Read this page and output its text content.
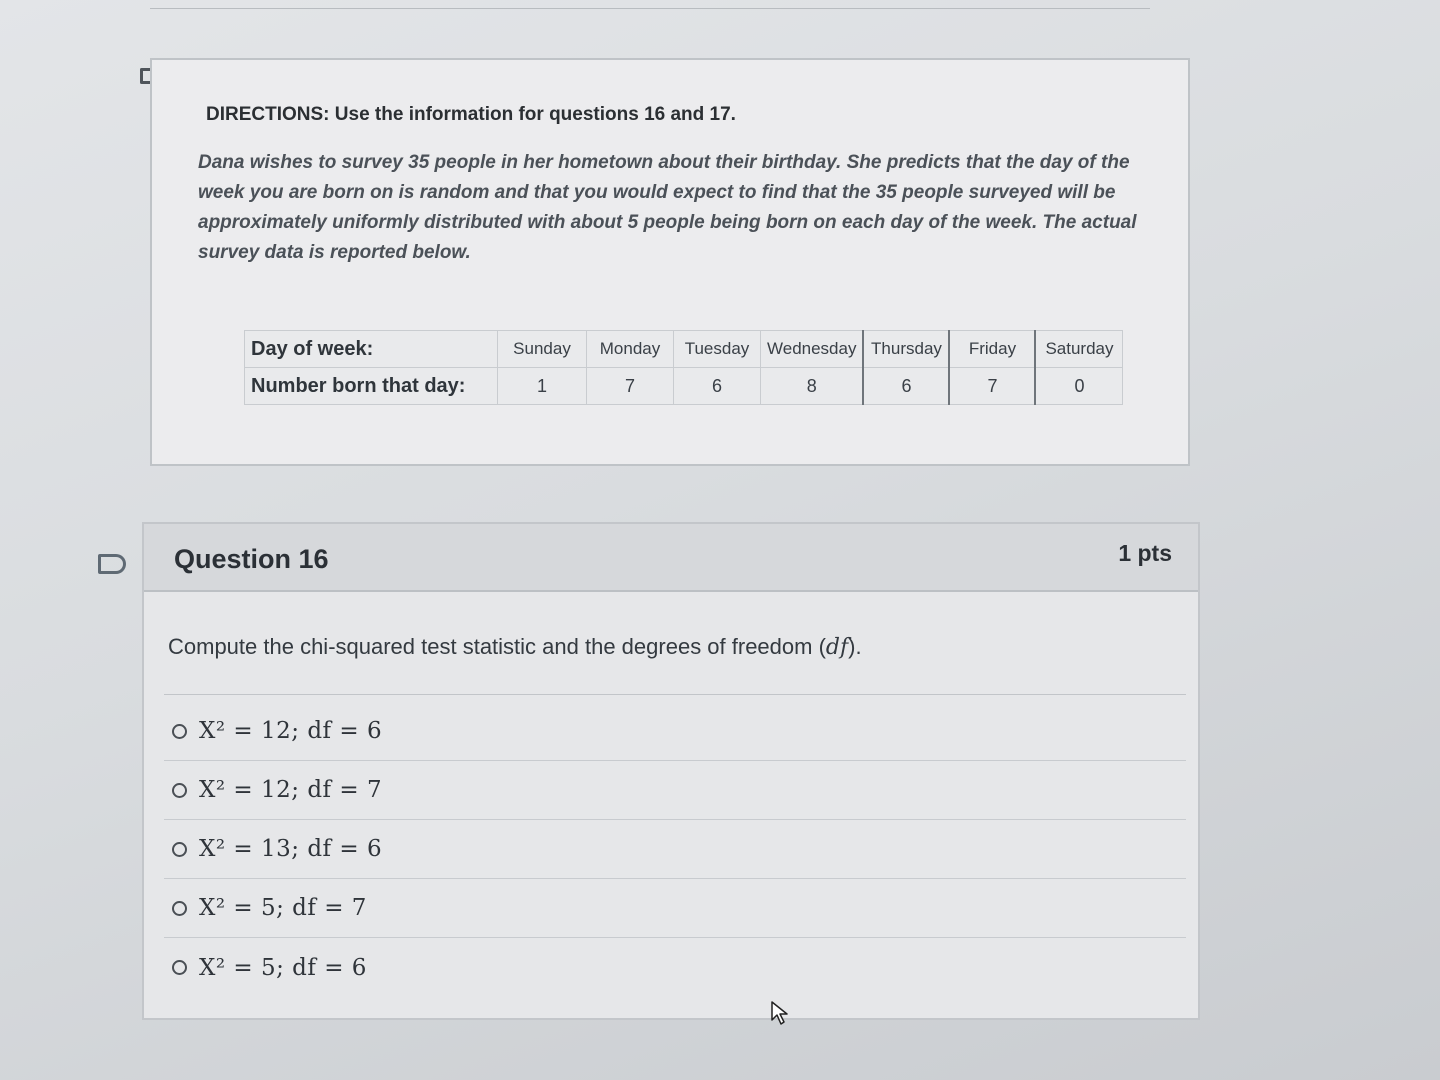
DIRECTIONS: Use the information for questions 16 and 17.
Dana wishes to survey 35 people in her hometown about their birthday. She predicts that the day of the week you are born on is random and that you would expect to find that the 35 people surveyed will be approximately uniformly distributed with about 5 people being born on each day of the week. The actual survey data is reported below.
Day of week:	Sunday	Monday	Tuesday	Wednesday	Thursday	Friday	Saturday
Number born that day:	1	7	6	8	6	7	0
Question 16	1 pts
Compute the chi-squared test statistic and the degrees of freedom (df).
X² = 12; df = 6
X² = 12; df = 7
X² = 13; df = 6
X² = 5; df = 7
X² = 5; df = 6
